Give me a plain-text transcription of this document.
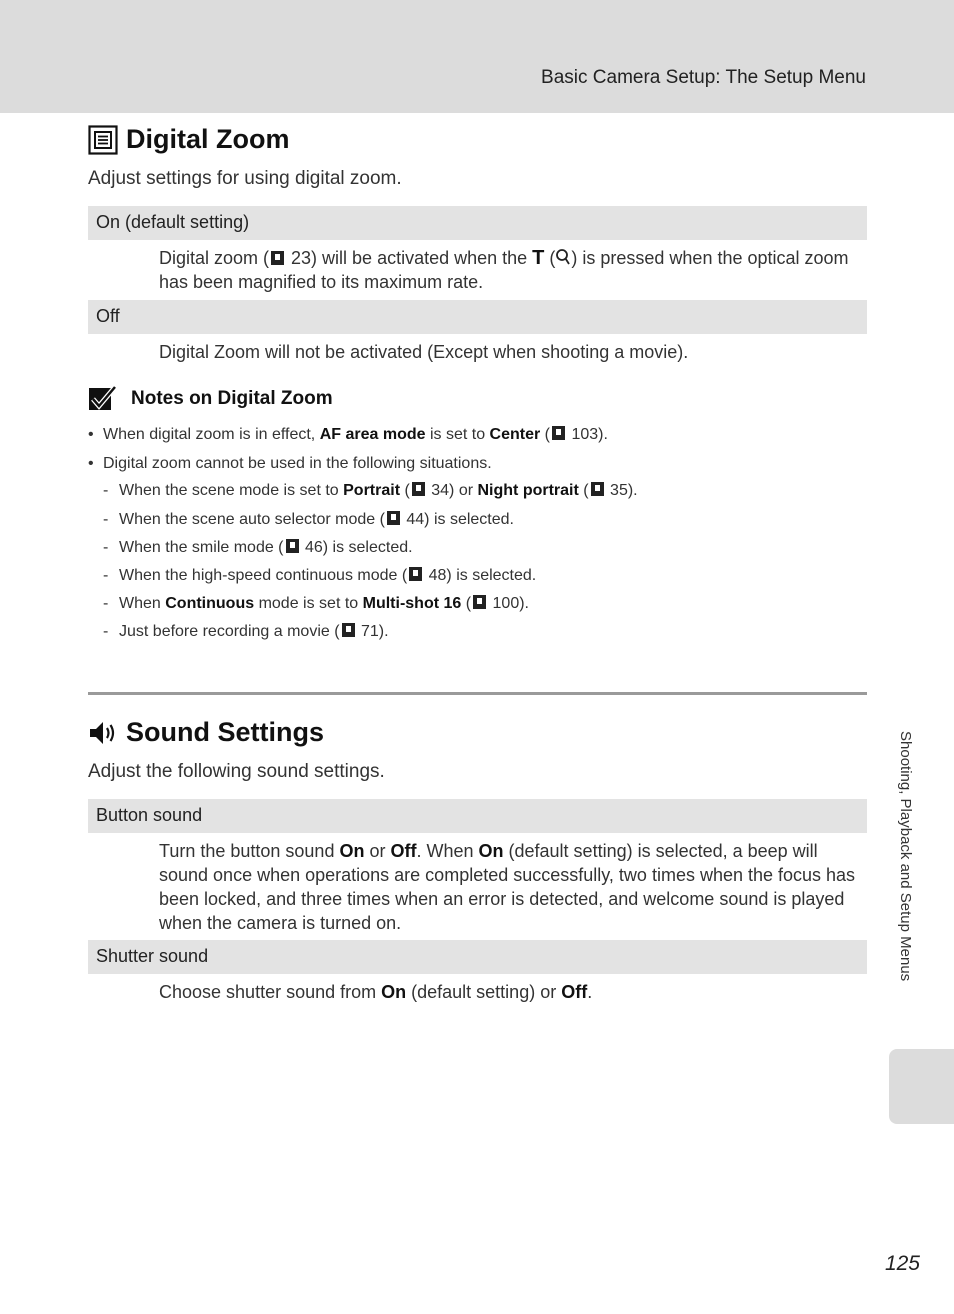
Basic Camera Setup: The Setup Menu
Digital Zoom
Adjust settings for using digital zoom.
On (default setting)
Digital zoom ( 23) will be activated when the T ( ) is pressed when the optical zoom has been magnified to its maximum rate.
Off
Digital Zoom will not be activated (Except when shooting a movie).
Notes on Digital Zoom
• When digital zoom is in effect, AF area mode is set to Center ( 103).
• Digital zoom cannot be used in the following situations.
- When the scene mode is set to Portrait ( 34) or Night portrait ( 35).
- When the scene auto selector mode ( 44) is selected.
- When the smile mode ( 46) is selected.
- When the high-speed continuous mode ( 48) is selected.
- When Continuous mode is set to Multi-shot 16 ( 100).
- Just before recording a movie ( 71).
Sound Settings
Adjust the following sound settings.
Button sound
Turn the button sound On or Off. When On (default setting) is selected, a beep will sound once when operations are completed successfully, two times when the focus has been locked, and three times when an error is detected, and welcome sound is played when the camera is turned on.
Shutter sound
Choose shutter sound from On (default setting) or Off.
Shooting, Playback and Setup Menus
125
